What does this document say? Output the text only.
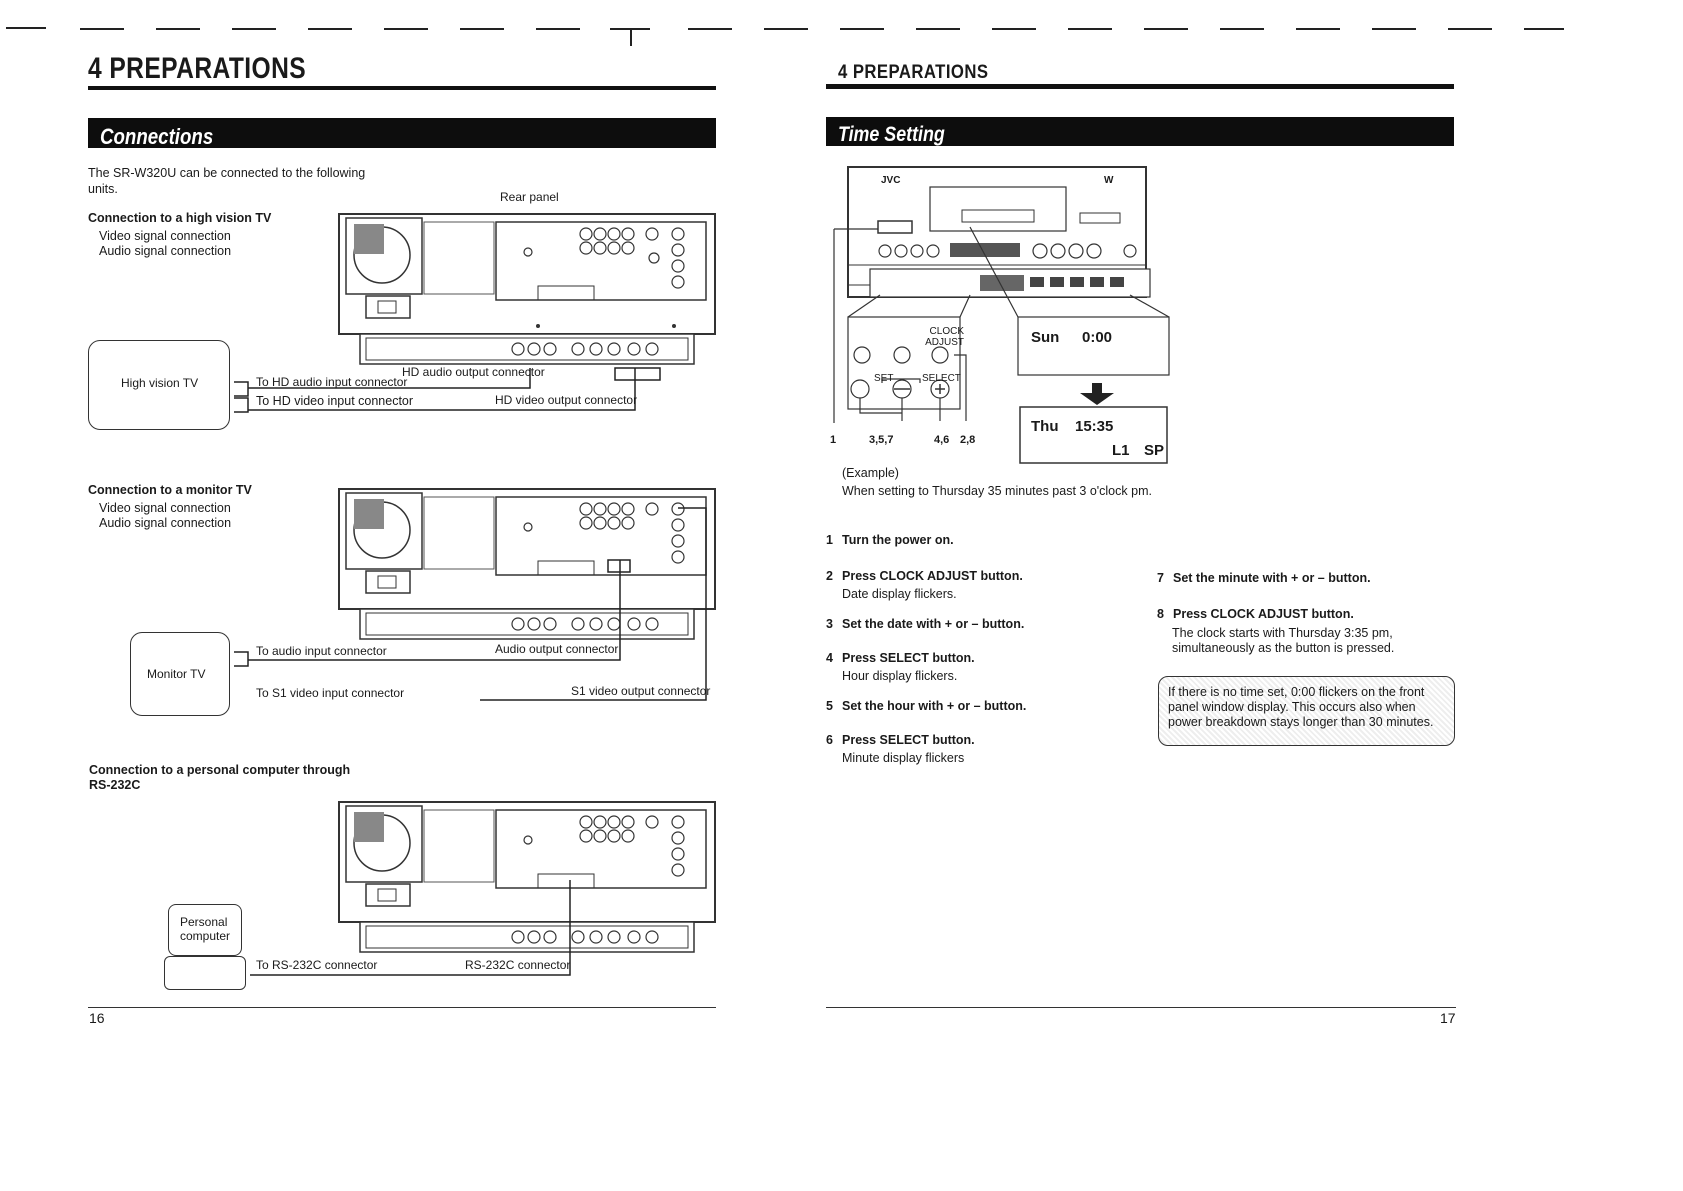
4 PREPARATIONS
Connections
The SR-W320U can be connected to the following
units.
Rear panel
Connection to a high vision TV
Video signal connection
Audio signal connection
High vision TV
HD audio output connector
To HD audio input connector
To HD video input connector	HD video output connector
Connection to a monitor TV
Video signal connection
Audio signal connection
Monitor TV
To audio input connector	Audio output connector
To S1 video input connector	S1 video output connector
Connection to a personal computer through
RS-232C
Personal
computer
To RS-232C connector	RS-232C connector
16
4 PREPARATIONS
Time Setting
JVC	W
CLOCK ADJUST
SET	SELECT
1	3,5,7	4,6 2,8
Sun 0:00
Thu 15:35
L1 SP
(Example)
When setting to Thursday 35 minutes past 3 o'clock pm.
1 Turn the power on.
2 Press CLOCK ADJUST button.
Date display flickers.
3 Set the date with + or – button.
4 Press SELECT button.
Hour display flickers.
5 Set the hour with + or – button.
6 Press SELECT button.
Minute display flickers
7 Set the minute with + or – button.
8 Press CLOCK ADJUST button.
The clock starts with Thursday 3:35 pm,
simultaneously as the button is pressed.
If there is no time set, 0:00 flickers on the front
panel window display. This occurs also when
power breakdown stays longer than 30 minutes.
17
